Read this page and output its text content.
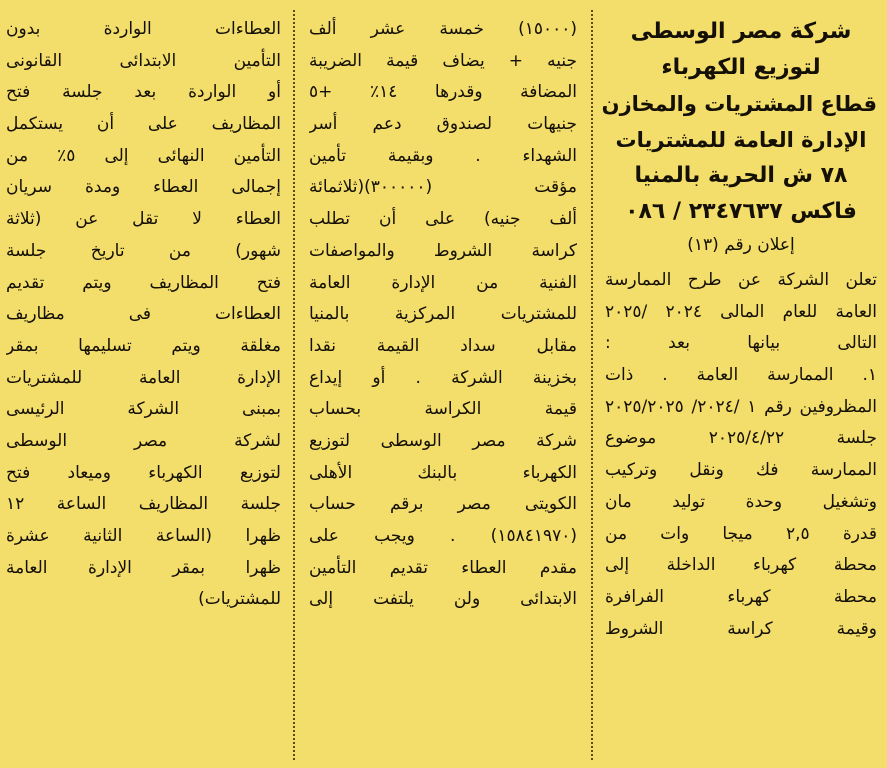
شركة مصر الوسطى
لتوزيع الكهرباء
قطاع المشتريات والمخازن
الإدارة العامة للمشتريات
٧٨ ش الحرية بالمنيا
فاكس ٢٣٤٧٦٣٧ / ٠٨٦
إعلان رقم (١٣)
تعلن الشركة عن طرح الممارسة
العامة للعام المالى ٢٠٢٤ /٢٠٢٥
التالى بيانها بعد :
١. الممارسة العامة . ذات
المظروفين رقم ١ /٢٠٢٤/ ٢٠٢٥/٢٠٢٥
جلسة ٢٠٢٥/٤/٢٢ موضوع
الممارسة فك ونقل وتركيب
وتشغيل وحدة توليد مان
قدرة ٢,٥ ميجا وات من
محطة كهرباء الداخلة إلى
محطة كهرباء الفرافرة
وقيمة كراسة الشروط
(١٥٠٠٠) خمسة عشر ألف
جنيه + يضاف قيمة الضريبة
المضافة وقدرها ١٤٪ +٥
جنيهات لصندوق دعم أسر
الشهداء . وبقيمة تأمين
مؤقت (٣٠٠٠٠٠)(ثلاثمائة
ألف جنيه) على أن تطلب
كراسة الشروط والمواصفات
الفنية من الإدارة العامة
للمشتريات المركزية بالمنيا
مقابل سداد القيمة نقدا
بخزينة الشركة . أو إيداع
قيمة الكراسة بحساب
شركة مصر الوسطى لتوزيع
الكهرباء بالبنك الأهلى
الكويتى مصر برقم حساب
(١٥٨٤١٩٧٠) . ويجب على
مقدم العطاء تقديم التأمين
الابتدائى ولن يلتفت إلى
العطاءات الواردة بدون
التأمين الابتدائى القانونى
أو الواردة بعد جلسة فتح
المظاريف على أن يستكمل
التأمين النهائى إلى ٥٪ من
إجمالى العطاء ومدة سريان
العطاء لا تقل عن (ثلاثة
شهور) من تاريخ جلسة
فتح المظاريف ويتم تقديم
العطاءات فى مظاريف
مغلقة ويتم تسليمها بمقر
الإدارة العامة للمشتريات
بمبنى الشركة الرئيسى
لشركة مصر الوسطى
لتوزيع الكهرباء وميعاد فتح
جلسة المظاريف الساعة ١٢
ظهرا (الساعة الثانية عشرة
ظهرا بمقر الإدارة العامة
للمشتريات)
